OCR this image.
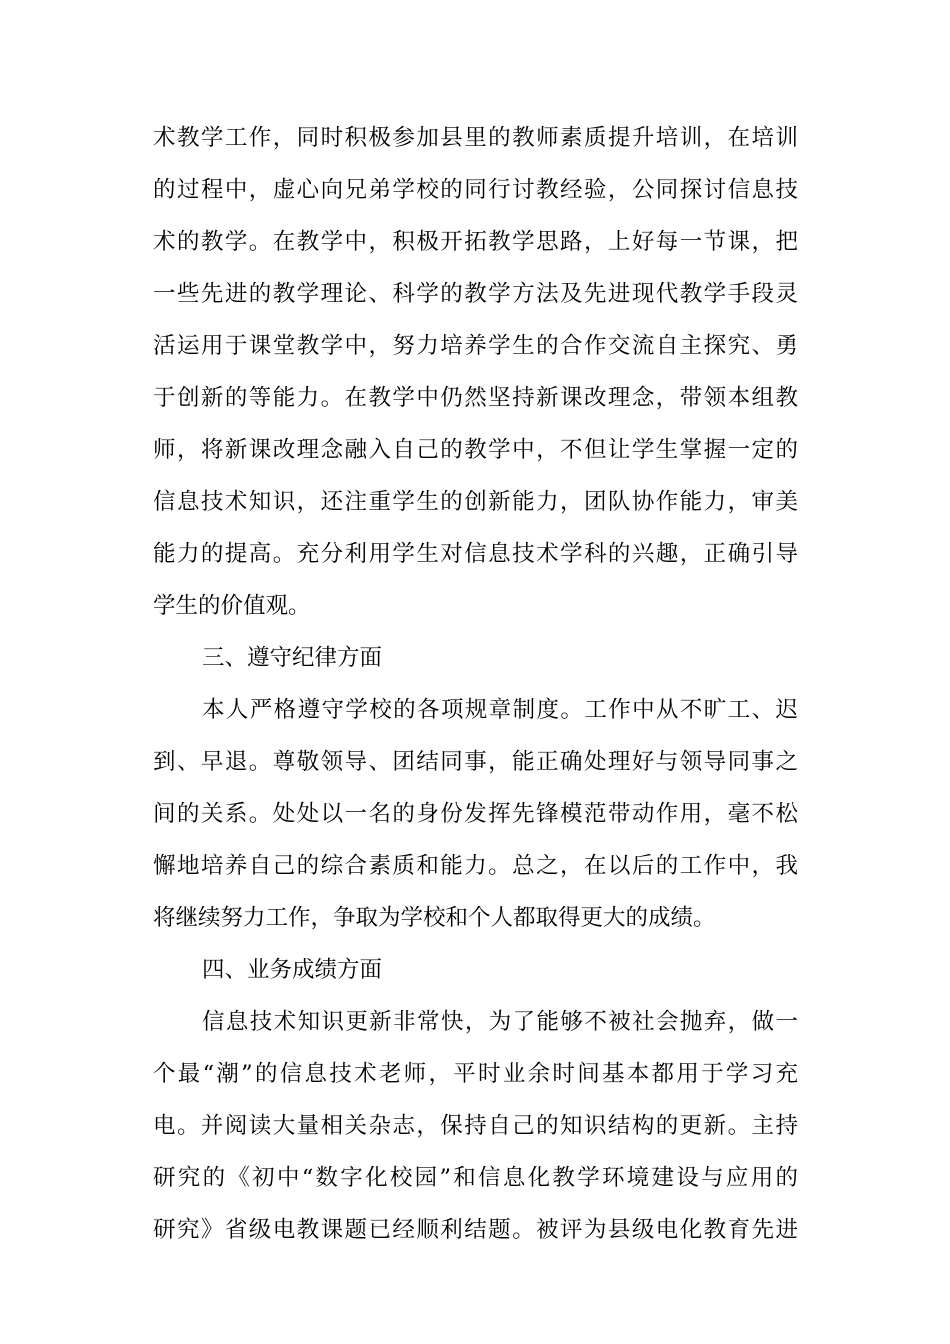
术教学工作，同时积极参加县里的教师素质提升培训，在培训
的过程中，虚心向兄弟学校的同行讨教经验，公同探讨信息技
术的教学。在教学中，积极开拓教学思路，上好每一节课，把
一些先进的教学理论、科学的教学方法及先进现代教学手段灵
活运用于课堂教学中，努力培养学生的合作交流自主探究、勇
于创新的等能力。在教学中仍然坚持新课改理念，带领本组教
师，将新课改理念融入自己的教学中，不但让学生掌握一定的
信息技术知识，还注重学生的创新能力，团队协作能力，审美
能力的提高。充分利用学生对信息技术学科的兴趣，正确引导
学生的价值观。
三、遵守纪律方面
本人严格遵守学校的各项规章制度。工作中从不旷工、迟
到、早退。尊敬领导、团结同事，能正确处理好与领导同事之
间的关系。处处以一名的身份发挥先锋模范带动作用，毫不松
懈地培养自己的综合素质和能力。总之，在以后的工作中，我
将继续努力工作，争取为学校和个人都取得更大的成绩。
四、业务成绩方面
信息技术知识更新非常快，为了能够不被社会抛弃，做一
个最“潮”的信息技术老师，平时业余时间基本都用于学习充
电。并阅读大量相关杂志，保持自己的知识结构的更新。主持
研究的《初中“数字化校园”和信息化教学环境建设与应用的
研究》省级电教课题已经顺利结题。被评为县级电化教育先进
